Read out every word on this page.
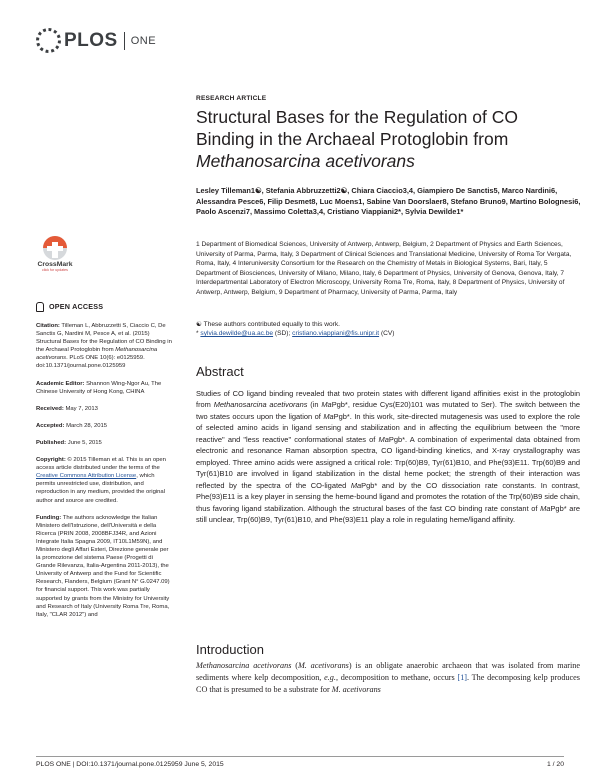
PLOS ONE
RESEARCH ARTICLE
Structural Bases for the Regulation of CO
Binding in the Archaeal Protoglobin from
Methanosarcina acetivorans
Lesley Tilleman1☯, Stefania Abbruzzetti2☯, Chiara Ciaccio3,4, Giampiero De Sanctis5, Marco Nardini6, Alessandra Pesce6, Filip Desmet8, Luc Moens1, Sabine Van Doorslaer8, Stefano Bruno9, Martino Bolognesi6, Paolo Ascenzi7, Massimo Coletta3,4, Cristiano Viappiani2*, Sylvia Dewilde1*
1 Department of Biomedical Sciences, University of Antwerp, Antwerp, Belgium, 2 Department of Physics and Earth Sciences, University of Parma, Parma, Italy, 3 Department of Clinical Sciences and Translational Medicine, University of Roma Tor Vergata, Roma, Italy, 4 Interuniversity Consortium for the Research on the Chemistry of Metals in Biological Systems, Bari, Italy, 5 Department of Biosciences, University of Milano, Milano, Italy, 6 Department of Physics, University of Genova, Genova, Italy, 7 Interdepartmental Laboratory of Electron Microscopy, University Roma Tre, Roma, Italy, 8 Department of Physics, University of Antwerp, Antwerp, Belgium, 9 Department of Pharmacy, University of Parma, Parma, Italy
☯ These authors contributed equally to this work.
* sylvia.dewilde@ua.ac.be (SD); cristiano.viappiani@fis.unipr.it (CV)
CrossMark
click for updates
OPEN ACCESS
Citation: Tilleman L, Abbruzzetti S, Ciaccio C, De Sanctis G, Nardini M, Pesce A, et al. (2015) Structural Bases for the Regulation of CO Binding in the Archaeal Protoglobin from Methanosarcina acetivorans. PLoS ONE 10(6): e0125959. doi:10.1371/journal.pone.0125959
Academic Editor: Shannon Wing-Ngor Au, The Chinese University of Hong Kong, CHINA
Received: May 7, 2013
Accepted: March 28, 2015
Published: June 5, 2015
Copyright: © 2015 Tilleman et al. This is an open access article distributed under the terms of the Creative Commons Attribution License, which permits unrestricted use, distribution, and reproduction in any medium, provided the original author and source are credited.
Funding: The authors acknowledge the Italian Ministero dell'Istruzione, dell'Università e della Ricerca (PRIN 2008, 2008BFJ34R, and Azioni Integrate Italia Spagna 2009, IT10L1M59N), and Ministero degli Affari Esteri, Direzione generale per la promozione del sistema Paese (Progetti di Grande Rilevanza, Italia-Argentina 2011-2013), the University of Antwerp and the Fund for Scientific Research, Flanders, Belgium (Grant N° G.0247.09) for financial support. This work was partially supported by grants from the Ministry for University and Research of Italy (University Roma Tre, Roma, Italy, "CLAR 2012") and
Abstract
Studies of CO ligand binding revealed that two protein states with different ligand affinities exist in the protoglobin from Methanosarcina acetivorans (in MaPgb*, residue Cys(E20)101 was mutated to Ser). The switch between the two states occurs upon the ligation of MaPgb*. In this work, site-directed mutagenesis was used to explore the role of selected amino acids in ligand sensing and stabilization and in affecting the equilibrium between the "more reactive" and "less reactive" conformational states of MaPgb*. A combination of experimental data obtained from electronic and resonance Raman absorption spectra, CO ligand-binding kinetics, and X-ray crystallography was employed. Three amino acids were assigned a critical role: Trp(60)B9, Tyr(61)B10, and Phe(93)E11. Trp(60)B9 and Tyr(61)B10 are involved in ligand stabilization in the distal heme pocket; the strength of their interaction was reflected by the spectra of the CO-ligated MaPgb* and by the CO dissociation rate constants. In contrast, Phe(93)E11 is a key player in sensing the heme-bound ligand and promotes the rotation of the Trp(60)B9 side chain, thus favoring ligand stabilization. Although the structural bases of the fast CO binding rate constant of MaPgb* are still unclear, Trp(60)B9, Tyr(61)B10, and Phe(93)E11 play a role in regulating heme/ligand affinity.
Introduction
Methanosarcina acetivorans (M. acetivorans) is an obligate anaerobic archaeon that was isolated from marine sediments where kelp decomposition, e.g., decomposition to methane, occurs [1]. The decomposing kelp produces CO that is presumed to be a substrate for M. acetivorans
PLOS ONE | DOI:10.1371/journal.pone.0125959 June 5, 2015	1 / 20
